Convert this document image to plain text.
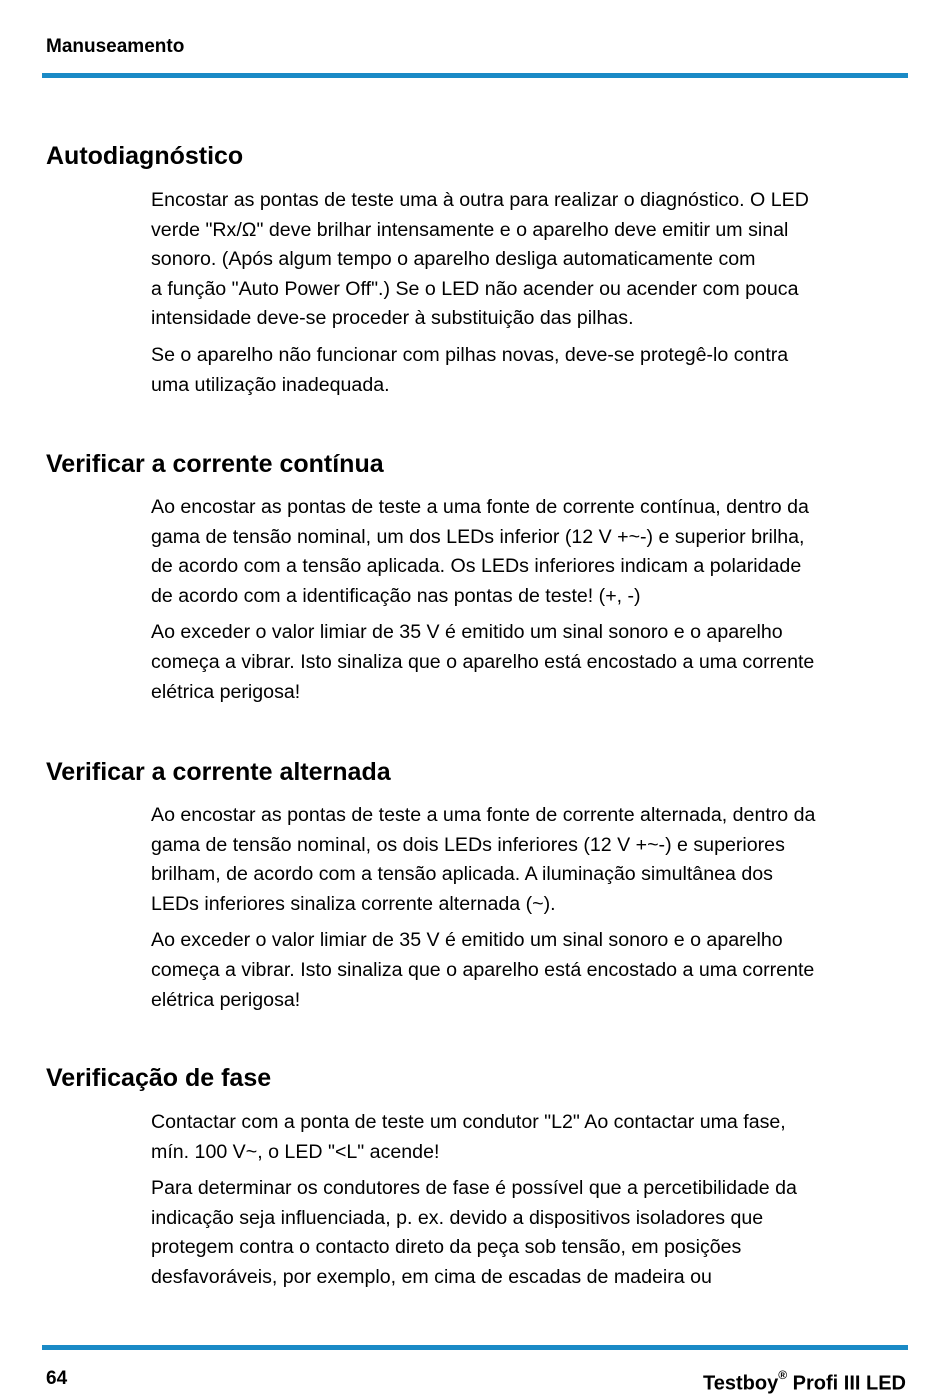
Manuseamento
Autodiagnóstico

Encostar as pontas de teste uma à outra para realizar o diagnóstico. O LED
verde "Rx/Ω" deve brilhar intensamente e o aparelho deve emitir um sinal
sonoro. (Após algum tempo o aparelho desliga automaticamente com
a função "Auto Power Off".) Se o LED não acender ou acender com pouca
intensidade deve-se proceder à substituição das pilhas.

Se o aparelho não funcionar com pilhas novas, deve-se protegê-lo contra
uma utilização inadequada.

Verificar a corrente contínua

Ao encostar as pontas de teste a uma fonte de corrente contínua, dentro da
gama de tensão nominal, um dos LEDs inferior (12 V +~-) e superior brilha,
de acordo com a tensão aplicada. Os LEDs inferiores indicam a polaridade
de acordo com a identificação nas pontas de teste! (+, -)

Ao exceder o valor limiar de 35 V é emitido um sinal sonoro e o aparelho
começa a vibrar. Isto sinaliza que o aparelho está encostado a uma corrente
elétrica perigosa!

Verificar a corrente alternada

Ao encostar as pontas de teste a uma fonte de corrente alternada, dentro da
gama de tensão nominal, os dois LEDs inferiores (12 V +~-) e superiores
brilham, de acordo com a tensão aplicada. A iluminação simultânea dos
LEDs inferiores sinaliza corrente alternada (~).

Ao exceder o valor limiar de 35 V é emitido um sinal sonoro e o aparelho
começa a vibrar. Isto sinaliza que o aparelho está encostado a uma corrente
elétrica perigosa!

Verificação de fase

Contactar com a ponta de teste um condutor "L2" Ao contactar uma fase,
mín. 100 V~, o LED "<L" acende!

Para determinar os condutores de fase é possível que a percetibilidade da
indicação seja influenciada, p. ex. devido a dispositivos isoladores que
protegem contra o contacto direto da peça sob tensão, em posições
desfavoráveis, por exemplo, em cima de escadas de madeira ou

64	Testboy® Profi III LED
